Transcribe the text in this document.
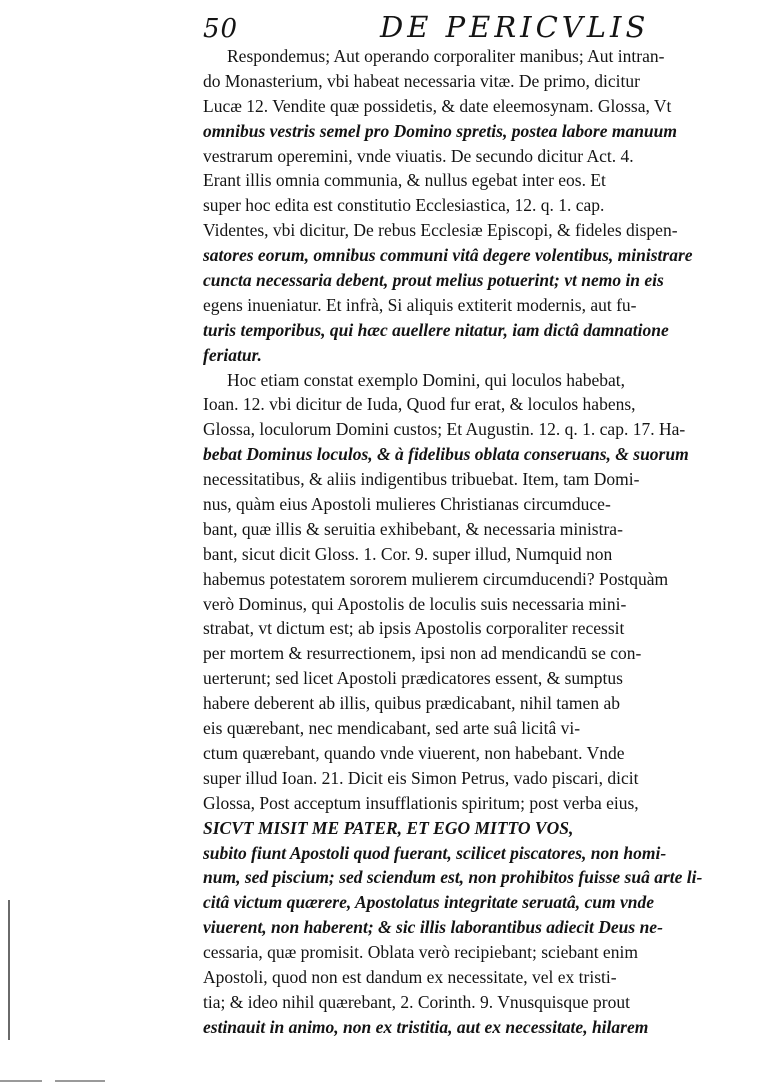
50	DE PERICVLIS
Respondemus; Aut operando corporaliter manibus; Aut intran-
do Monasterium, vbi habeat necessaria vitæ. De primo, dicitur
Lucæ 12. Vendite quæ possidetis, & date eleemosynam. Glossa, Vt
omnibus vestris semel pro Domino spretis, postea labore manuum
vestrarum operemini, vnde viuatis. De secundo dicitur Act. 4.
Erant illis omnia communia, & nullus egebat inter eos. Et
super hoc edita est constitutio Ecclesiastica, 12. q. 1. cap.
Videntes, vbi dicitur, De rebus Ecclesiæ Episcopi, & fideles dispen-
satores eorum, omnibus communi vitâ degere volentibus, ministrare
cuncta necessaria debent, prout melius potuerint; vt nemo in eis
egens inueniatur. Et infrà, Si aliquis extiterit modernis, aut fu-
turis temporibus, qui hæc auellere nitatur, iam dictâ damnatione
feriatur.
Hoc etiam constat exemplo Domini, qui loculos habebat,
Ioan. 12. vbi dicitur de Iuda, Quod fur erat, & loculos habens,
Glossa, loculorum Domini custos; Et Augustin. 12. q. 1. cap. 17. Ha-
bebat Dominus loculos, & à fidelibus oblata conseruans, & suorum
necessitatibus, & aliis indigentibus tribuebat. Item, tam Domi-
nus, quàm eius Apostoli mulieres Christianas circumduce-
bant, quæ illis & seruitia exhibebant, & necessaria ministra-
bant, sicut dicit Gloss. 1. Cor. 9. super illud, Numquid non
habemus potestatem sororem mulierem circumducendi? Postquàm
verò Dominus, qui Apostolis de loculis suis necessaria mini-
strabat, vt dictum est; ab ipsis Apostolis corporaliter recessit
per mortem & resurrectionem, ipsi non ad mendicandū se con-
uerterunt; sed licet Apostoli prædicatores essent, & sumptus
habere deberent ab illis, quibus prædicabant, nihil tamen ab
eis quærebant, nec mendicabant, sed arte suâ licitâ vi-
ctum quærebant, quando vnde viuerent, non habebant. Vnde
super illud Ioan. 21. Dicit eis Simon Petrus, vado piscari, dicit
Glossa, Post acceptum insufflationis spiritum; post verba eius,
SICVT MISIT ME PATER, ET EGO MITTO VOS,
subito fiunt Apostoli quod fuerant, scilicet piscatores, non homi-
num, sed piscium; sed sciendum est, non prohibitos fuisse suâ arte li-
citâ victum quærere, Apostolatus integritate seruatâ, cum vnde
viuerent, non haberent; & sic illis laborantibus adiecit Deus ne-
cessaria, quæ promisit. Oblata verò recipiebant; sciebant enim
Apostoli, quod non est dandum ex necessitate, vel ex tristi-
tia; & ideo nihil quærebant, 2. Corinth. 9. Vnusquisque prout
estinauit in animo, non ex tristitia, aut ex necessitate, hilarem
